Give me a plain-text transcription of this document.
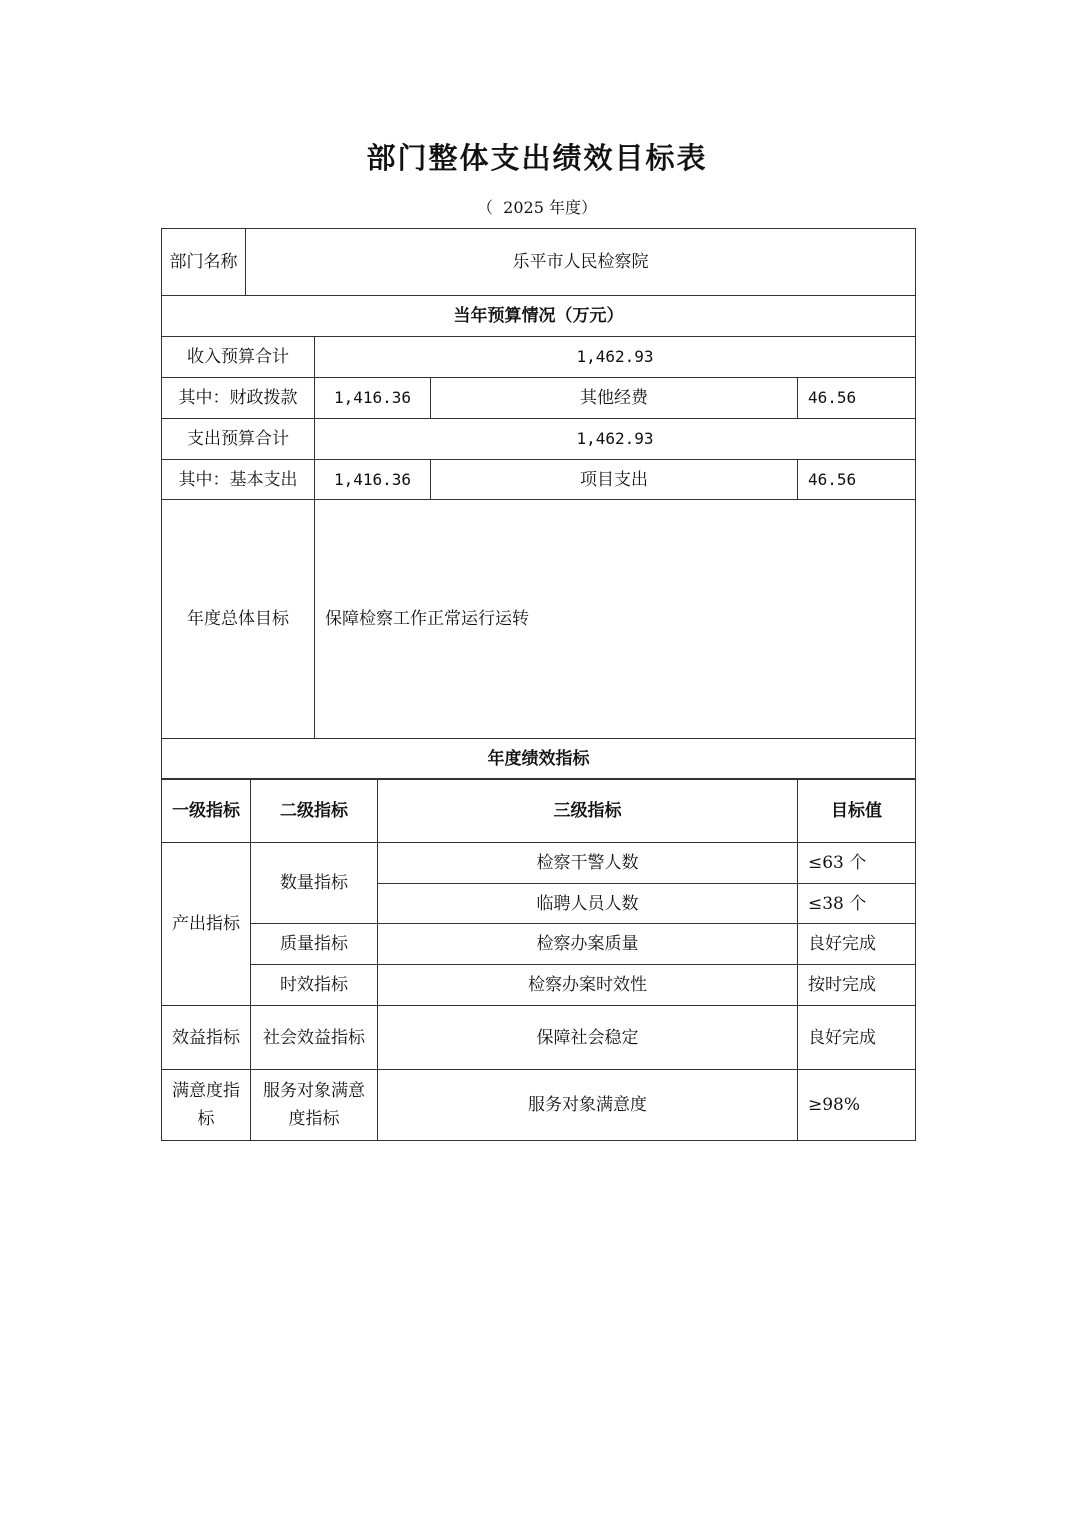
部门整体支出绩效目标表
（  2025 年度）
部门名称	乐平市人民检察院			
当年预算情况（万元）				
收入预算合计		1,462.93		
其中：财政拨款		1,416.36	其他经费	46.56
支出预算合计		1,462.93		
其中：基本支出		1,416.36	项目支出	46.56
年度总体目标		保障检察工作正常运行运转		
年度绩效指标				
一级指标	二级指标	三级指标	目标值
产出指标	数量指标	检察干警人数	≤63 个
		临聘人员人数	≤38 个
	质量指标	检察办案质量	良好完成
	时效指标	检察办案时效性	按时完成
效益指标	社会效益指标	保障社会稳定	良好完成
满意度指标	服务对象满意度指标	服务对象满意度	≥98%
